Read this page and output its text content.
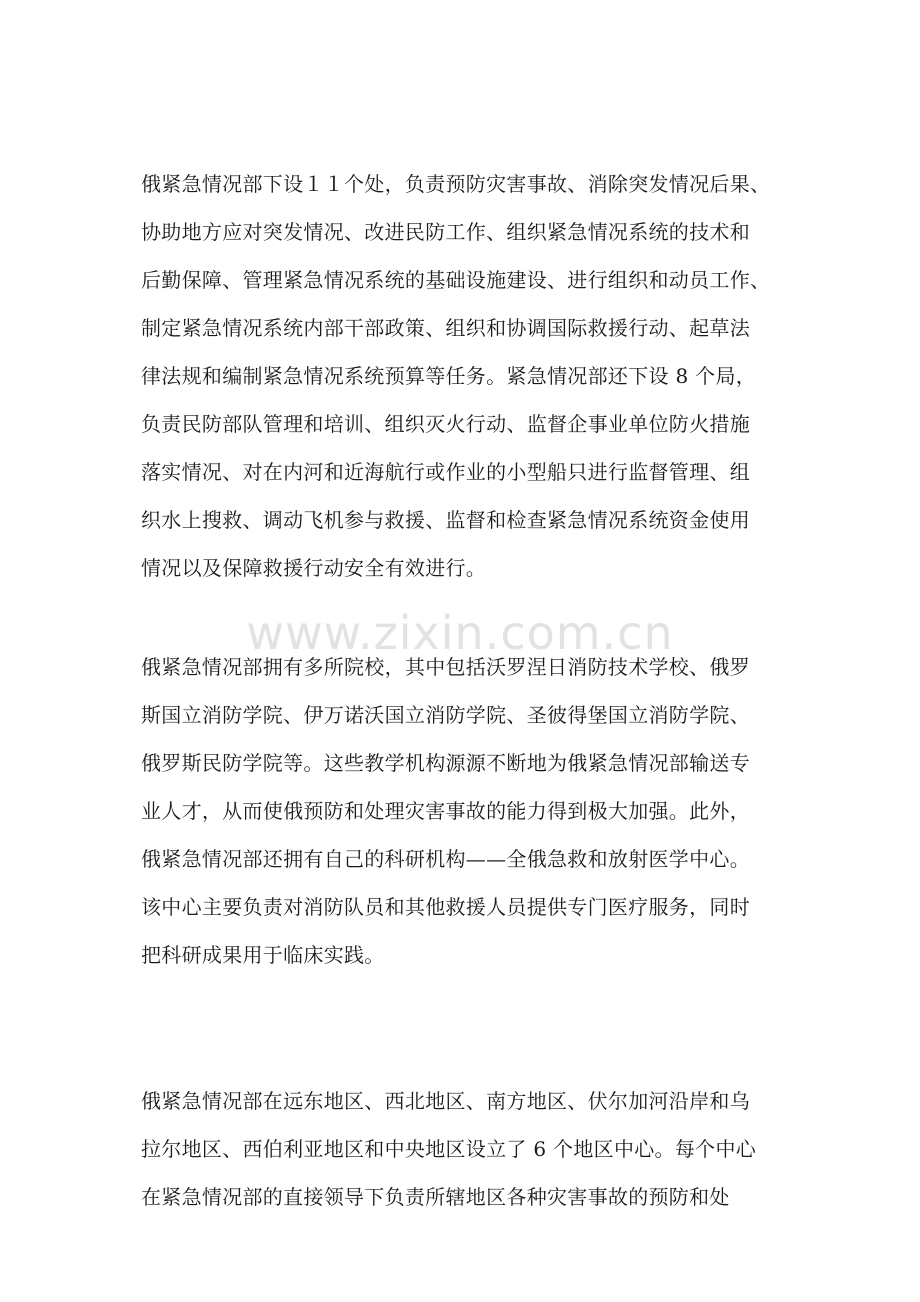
俄紧急情况部下设１１个处，负责预防灾害事故、消除突发情况后果、
协助地方应对突发情况、改进民防工作、组织紧急情况系统的技术和
后勤保障、管理紧急情况系统的基础设施建设、进行组织和动员工作、
制定紧急情况系统内部干部政策、组织和协调国际救援行动、起草法
律法规和编制紧急情况系统预算等任务。紧急情况部还下设 8 个局，
负责民防部队管理和培训、组织灭火行动、监督企事业单位防火措施
落实情况、对在内河和近海航行或作业的小型船只进行监督管理、组
织水上搜救、调动飞机参与救援、监督和检查紧急情况系统资金使用
情况以及保障救援行动安全有效进行。
www.zixin.com.cn
俄紧急情况部拥有多所院校，其中包括沃罗涅日消防技术学校、俄罗
斯国立消防学院、伊万诺沃国立消防学院、圣彼得堡国立消防学院、
俄罗斯民防学院等。这些教学机构源源不断地为俄紧急情况部输送专
业人才，从而使俄预防和处理灾害事故的能力得到极大加强。此外，
俄紧急情况部还拥有自己的科研机构——全俄急救和放射医学中心。
该中心主要负责对消防队员和其他救援人员提供专门医疗服务，同时
把科研成果用于临床实践。
俄紧急情况部在远东地区、西北地区、南方地区、伏尔加河沿岸和乌
拉尔地区、西伯利亚地区和中央地区设立了 6 个地区中心。每个中心
在紧急情况部的直接领导下负责所辖地区各种灾害事故的预防和处
